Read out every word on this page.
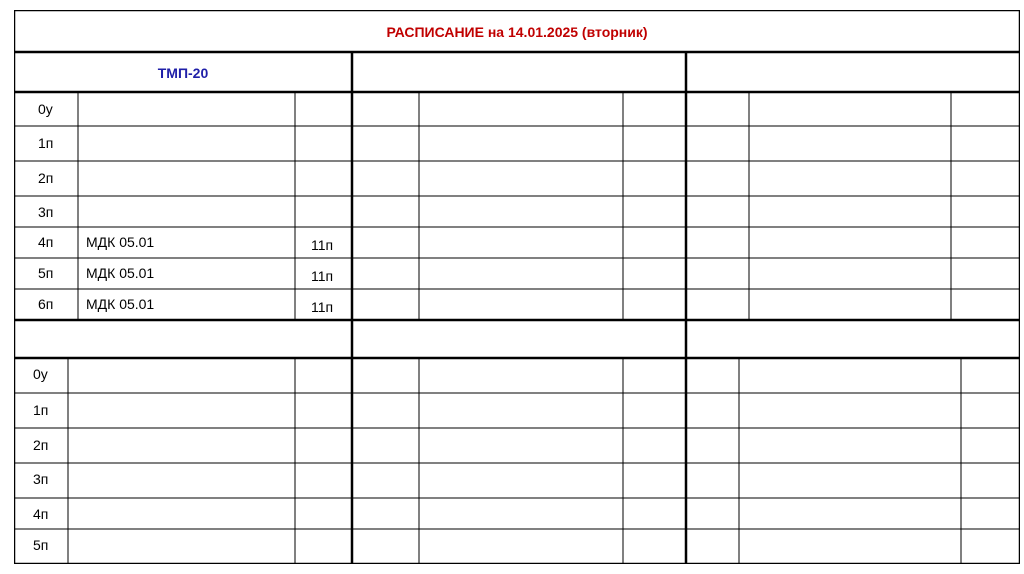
РАСПИСАНИЕ на 14.01.2025 (вторник)
ТМП-20
0у
1п
2п
3п
4п
5п
6п
МДК 05.01
МДК 05.01
МДК 05.01
11п
11п
11п
0у
1п
2п
3п
4п
5п
